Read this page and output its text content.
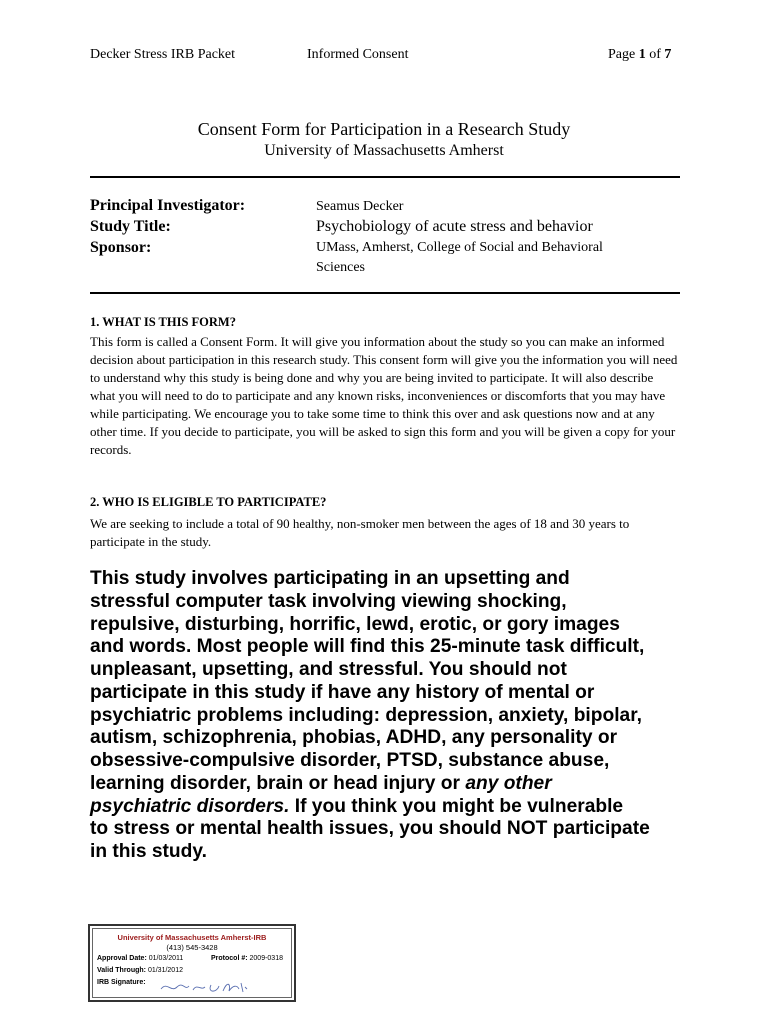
Decker Stress IRB Packet	Informed Consent	Page 1 of 7
Consent Form for Participation in a Research Study
University of Massachusetts Amherst
Principal Investigator:	Seamus Decker
Study Title:	Psychobiology of acute stress and behavior
Sponsor:	UMass, Amherst, College of Social and Behavioral
Sciences
1. WHAT IS THIS FORM?
This form is called a Consent Form. It will give you information about the study so you can make an informed decision about participation in this research study. This consent form will give you the information you will need to understand why this study is being done and why you are being invited to participate. It will also describe what you will need to do to participate and any known risks, inconveniences or discomforts that you may have while participating. We encourage you to take some time to think this over and ask questions now and at any other time. If you decide to participate, you will be asked to sign this form and you will be given a copy for your records.
2. WHO IS ELIGIBLE TO PARTICIPATE?
We are seeking to include a total of 90 healthy, non-smoker men between the ages of 18 and 30 years to participate in the study.

This study involves participating in an upsetting and

stressful computer task involving viewing shocking,

repulsive, disturbing, horrific, lewd, erotic, or gory images

and words. Most people will find this 25-minute task difficult,

unpleasant, upsetting, and stressful. You should not

participate in this study if have any history of mental or

psychiatric problems including: depression, anxiety, bipolar,

autism, schizophrenia, phobias, ADHD, any personality or

obsessive-compulsive disorder, PTSD, substance abuse,

learning disorder, brain or head injury or any other

psychiatric disorders. If you think you might be vulnerable

to stress or mental health issues, you should NOT participate

in this study.

University of Massachusetts Amherst-IRB
(413) 545-3428
Approval Date: 01/03/2011	Protocol #: 2009-0318
Valid Through: 01/31/2012
IRB Signature:
